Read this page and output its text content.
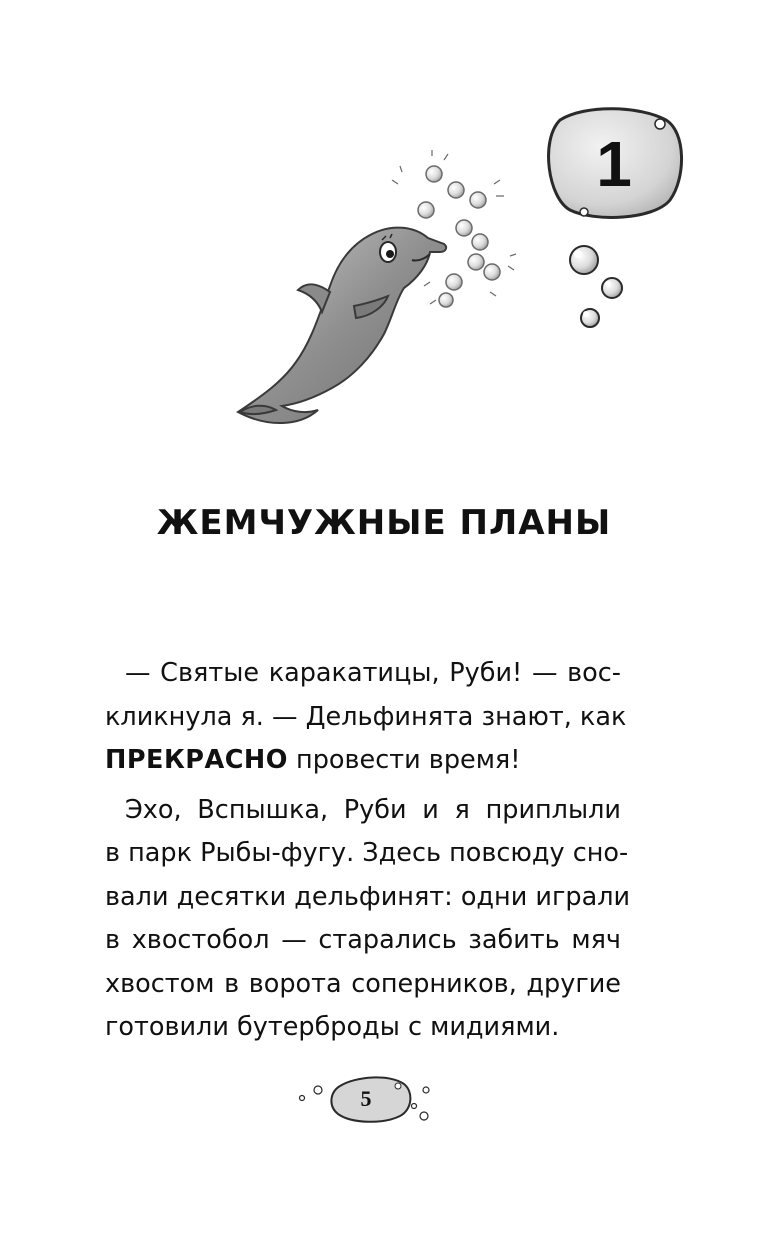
1
ЖЕМЧУЖНЫЕ ПЛАНЫ
— Святые каракатицы, Руби! — вос-
кликнула я. — Дельфинята знают, как
ПРЕКРАСНО провести время!
Эхо, Вспышка, Руби и я приплыли
в парк Рыбы-фугу. Здесь повсюду сно-
вали десятки дельфинят: одни играли
в хвостобол — старались забить мяч
хвостом в ворота соперников, другие
готовили бутерброды с мидиями.
5
